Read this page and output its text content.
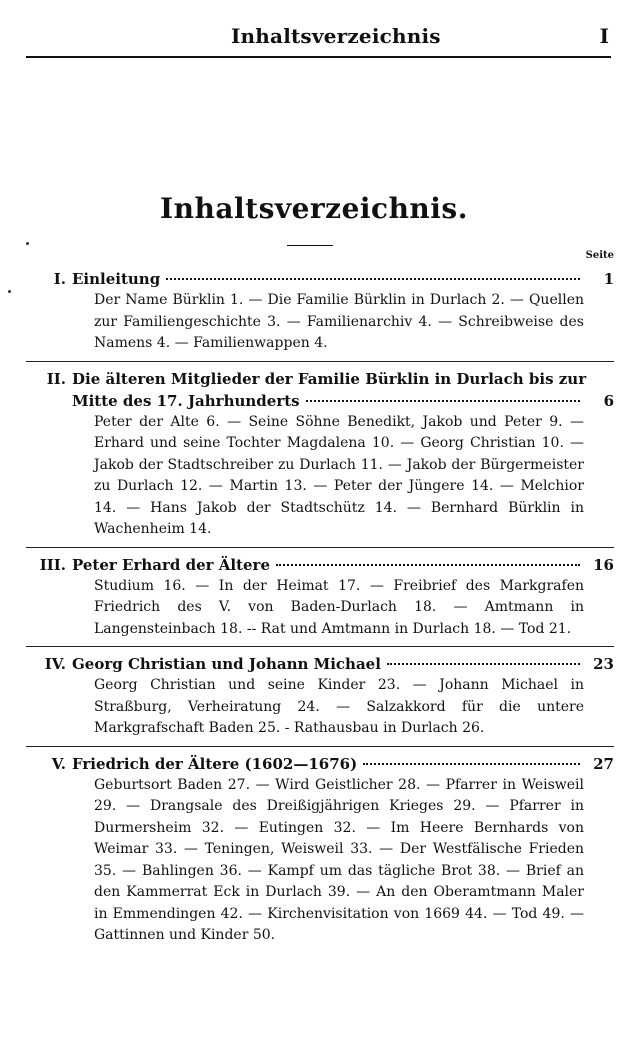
Inhaltsverzeichnis	I
Inhaltsverzeichnis.
Seite
I. Einleitung	1
Der Name Bürklin 1. — Die Familie Bürklin in Durlach 2. — Quellen zur Familiengeschichte 3. — Familienarchiv 4. — Schreibweise des Namens 4. — Familienwappen 4.
II. Die älteren Mitglieder der Familie Bürklin in Durlach bis zur
Mitte des 17. Jahrhunderts	6
Peter der Alte 6. — Seine Söhne Benedikt, Jakob und Peter 9. — Erhard und seine Tochter Magdalena 10. — Georg Christian 10. — Jakob der Stadtschreiber zu Durlach 11. — Jakob der Bürgermeister zu Durlach 12. — Martin 13. — Peter der Jüngere 14. — Melchior 14. — Hans Jakob der Stadtschütz 14. — Bernhard Bürklin in Wachenheim 14.
III. Peter Erhard der Ältere	16
Studium 16. — In der Heimat 17. — Freibrief des Markgrafen Friedrich des V. von Baden-Durlach 18. — Amtmann in Langensteinbach 18. -- Rat und Amtmann in Durlach 18. — Tod 21.
IV. Georg Christian und Johann Michael	23
Georg Christian und seine Kinder 23. — Johann Michael in Straßburg, Verheiratung 24. — Salzakkord für die untere Markgrafschaft Baden 25. - Rathausbau in Durlach 26.
V. Friedrich der Ältere (1602—1676)	27
Geburtsort Baden 27. — Wird Geistlicher 28. — Pfarrer in Weisweil 29. — Drangsale des Dreißigjährigen Krieges 29. — Pfarrer in Durmersheim 32. — Eutingen 32. — Im Heere Bernhards von Weimar 33. — Teningen, Weisweil 33. — Der Westfälische Frieden 35. — Bahlingen 36. — Kampf um das tägliche Brot 38. — Brief an den Kammerrat Eck in Durlach 39. — An den Oberamtmann Maler in Emmendingen 42. — Kirchenvisitation von 1669 44. — Tod 49. — Gattinnen und Kinder 50.
